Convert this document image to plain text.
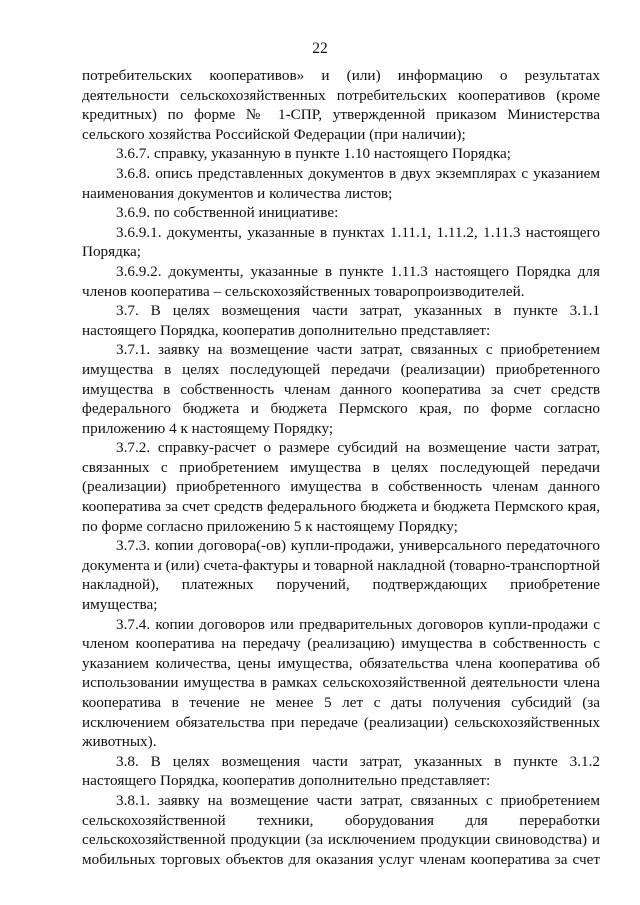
22

потребительских кооперативов» и (или) информацию о результатах деятельности сельскохозяйственных потребительских кооперативов (кроме кредитных) по форме № 1-СПР, утвержденной приказом Министерства сельского хозяйства Российской Федерации (при наличии);

3.6.7. справку, указанную в пункте 1.10 настоящего Порядка;

3.6.8. опись представленных документов в двух экземплярах с указанием наименования документов и количества листов;

3.6.9. по собственной инициативе:

3.6.9.1. документы, указанные в пунктах 1.11.1, 1.11.2, 1.11.3 настоящего Порядка;

3.6.9.2. документы, указанные в пункте 1.11.3 настоящего Порядка для членов кооператива – сельскохозяйственных товаропроизводителей.

3.7. В целях возмещения части затрат, указанных в пункте 3.1.1 настоящего Порядка, кооператив дополнительно представляет:

3.7.1. заявку на возмещение части затрат, связанных с приобретением имущества в целях последующей передачи (реализации) приобретенного имущества в собственность членам данного кооператива за счет средств федерального бюджета и бюджета Пермского края, по форме согласно приложению 4 к настоящему Порядку;

3.7.2. справку-расчет о размере субсидий на возмещение части затрат, связанных с приобретением имущества в целях последующей передачи (реализации) приобретенного имущества в собственность членам данного кооператива за счет средств федерального бюджета и бюджета Пермского края, по форме согласно приложению 5 к настоящему Порядку;

3.7.3. копии договора(-ов) купли-продажи, универсального передаточного документа и (или) счета-фактуры и товарной накладной (товарно-транспортной накладной), платежных поручений, подтверждающих приобретение имущества;

3.7.4. копии договоров или предварительных договоров купли-продажи с членом кооператива на передачу (реализацию) имущества в собственность с указанием количества, цены имущества, обязательства члена кооператива об использовании имущества в рамках сельскохозяйственной деятельности члена кооператива в течение не менее 5 лет с даты получения субсидий (за исключением обязательства при передаче (реализации) сельскохозяйственных животных).

3.8. В целях возмещения части затрат, указанных в пункте 3.1.2 настоящего Порядка, кооператив дополнительно представляет:

3.8.1. заявку на возмещение части затрат, связанных с приобретением сельскохозяйственной техники, оборудования для переработки сельскохозяйственной продукции (за исключением продукции свиноводства) и мобильных торговых объектов для оказания услуг членам кооператива за счет
